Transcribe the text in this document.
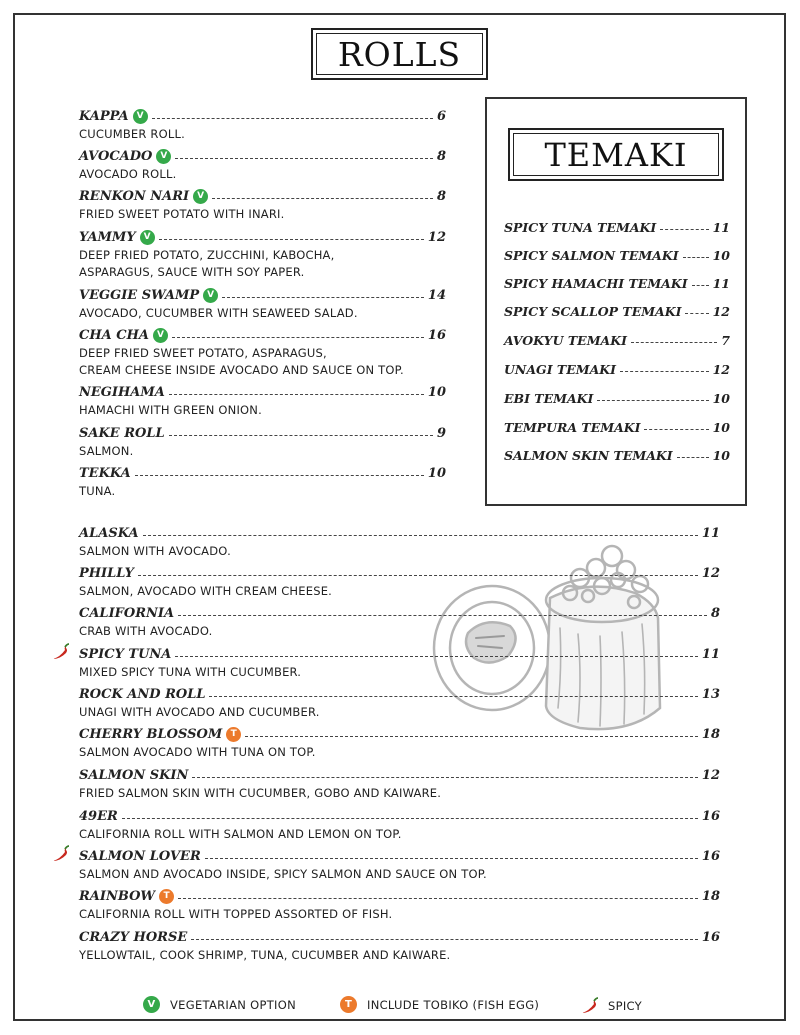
ROLLS
TEMAKI
KAPPA V	6
CUCUMBER ROLL.
AVOCADO V	8
AVOCADO ROLL.
RENKON NARI V	8
FRIED SWEET POTATO WITH INARI.
YAMMY V	12
DEEP FRIED POTATO, ZUCCHINI, KABOCHA,
ASPARAGUS, SAUCE WITH SOY PAPER.
VEGGIE SWAMP V	14
AVOCADO, CUCUMBER WITH SEAWEED SALAD.
CHA CHA V	16
DEEP FRIED SWEET POTATO, ASPARAGUS,
CREAM CHEESE INSIDE AVOCADO AND SAUCE ON TOP.
NEGIHAMA	10
HAMACHI WITH GREEN ONION.
SAKE ROLL	9
SALMON.
TEKKA	10
TUNA.
SPICY TUNA TEMAKI	11
SPICY SALMON TEMAKI	10
SPICY HAMACHI TEMAKI 11
SPICY SCALLOP TEMAKI 12
AVOKYU TEMAKI	7
UNAGI TEMAKI	12
EBI TEMAKI	10
TEMPURA TEMAKI	10
SALMON SKIN TEMAKI	10
ALASKA	11
SALMON WITH AVOCADO.
PHILLY	12
SALMON, AVOCADO WITH CREAM CHEESE.
CALIFORNIA	8
CRAB WITH AVOCADO.
SPICY TUNA	11
MIXED SPICY TUNA WITH CUCUMBER.
ROCK AND ROLL	13
UNAGI WITH AVOCADO AND CUCUMBER.
CHERRY BLOSSOM T	18
SALMON AVOCADO WITH TUNA ON TOP.
SALMON SKIN	12
FRIED SALMON SKIN WITH CUCUMBER, GOBO AND KAIWARE.
49ER	16
CALIFORNIA ROLL WITH SALMON AND LEMON ON TOP.
SALMON LOVER	16
SALMON AND AVOCADO INSIDE, SPICY SALMON AND SAUCE ON TOP.
RAINBOW T	18
CALIFORNIA ROLL WITH TOPPED ASSORTED OF FISH.
CRAZY HORSE	16
YELLOWTAIL, COOK SHRIMP, TUNA, CUCUMBER AND KAIWARE.
V	VEGETARIAN OPTION	T	INCLUDE TOBIKO (FISH EGG)	SPICY
